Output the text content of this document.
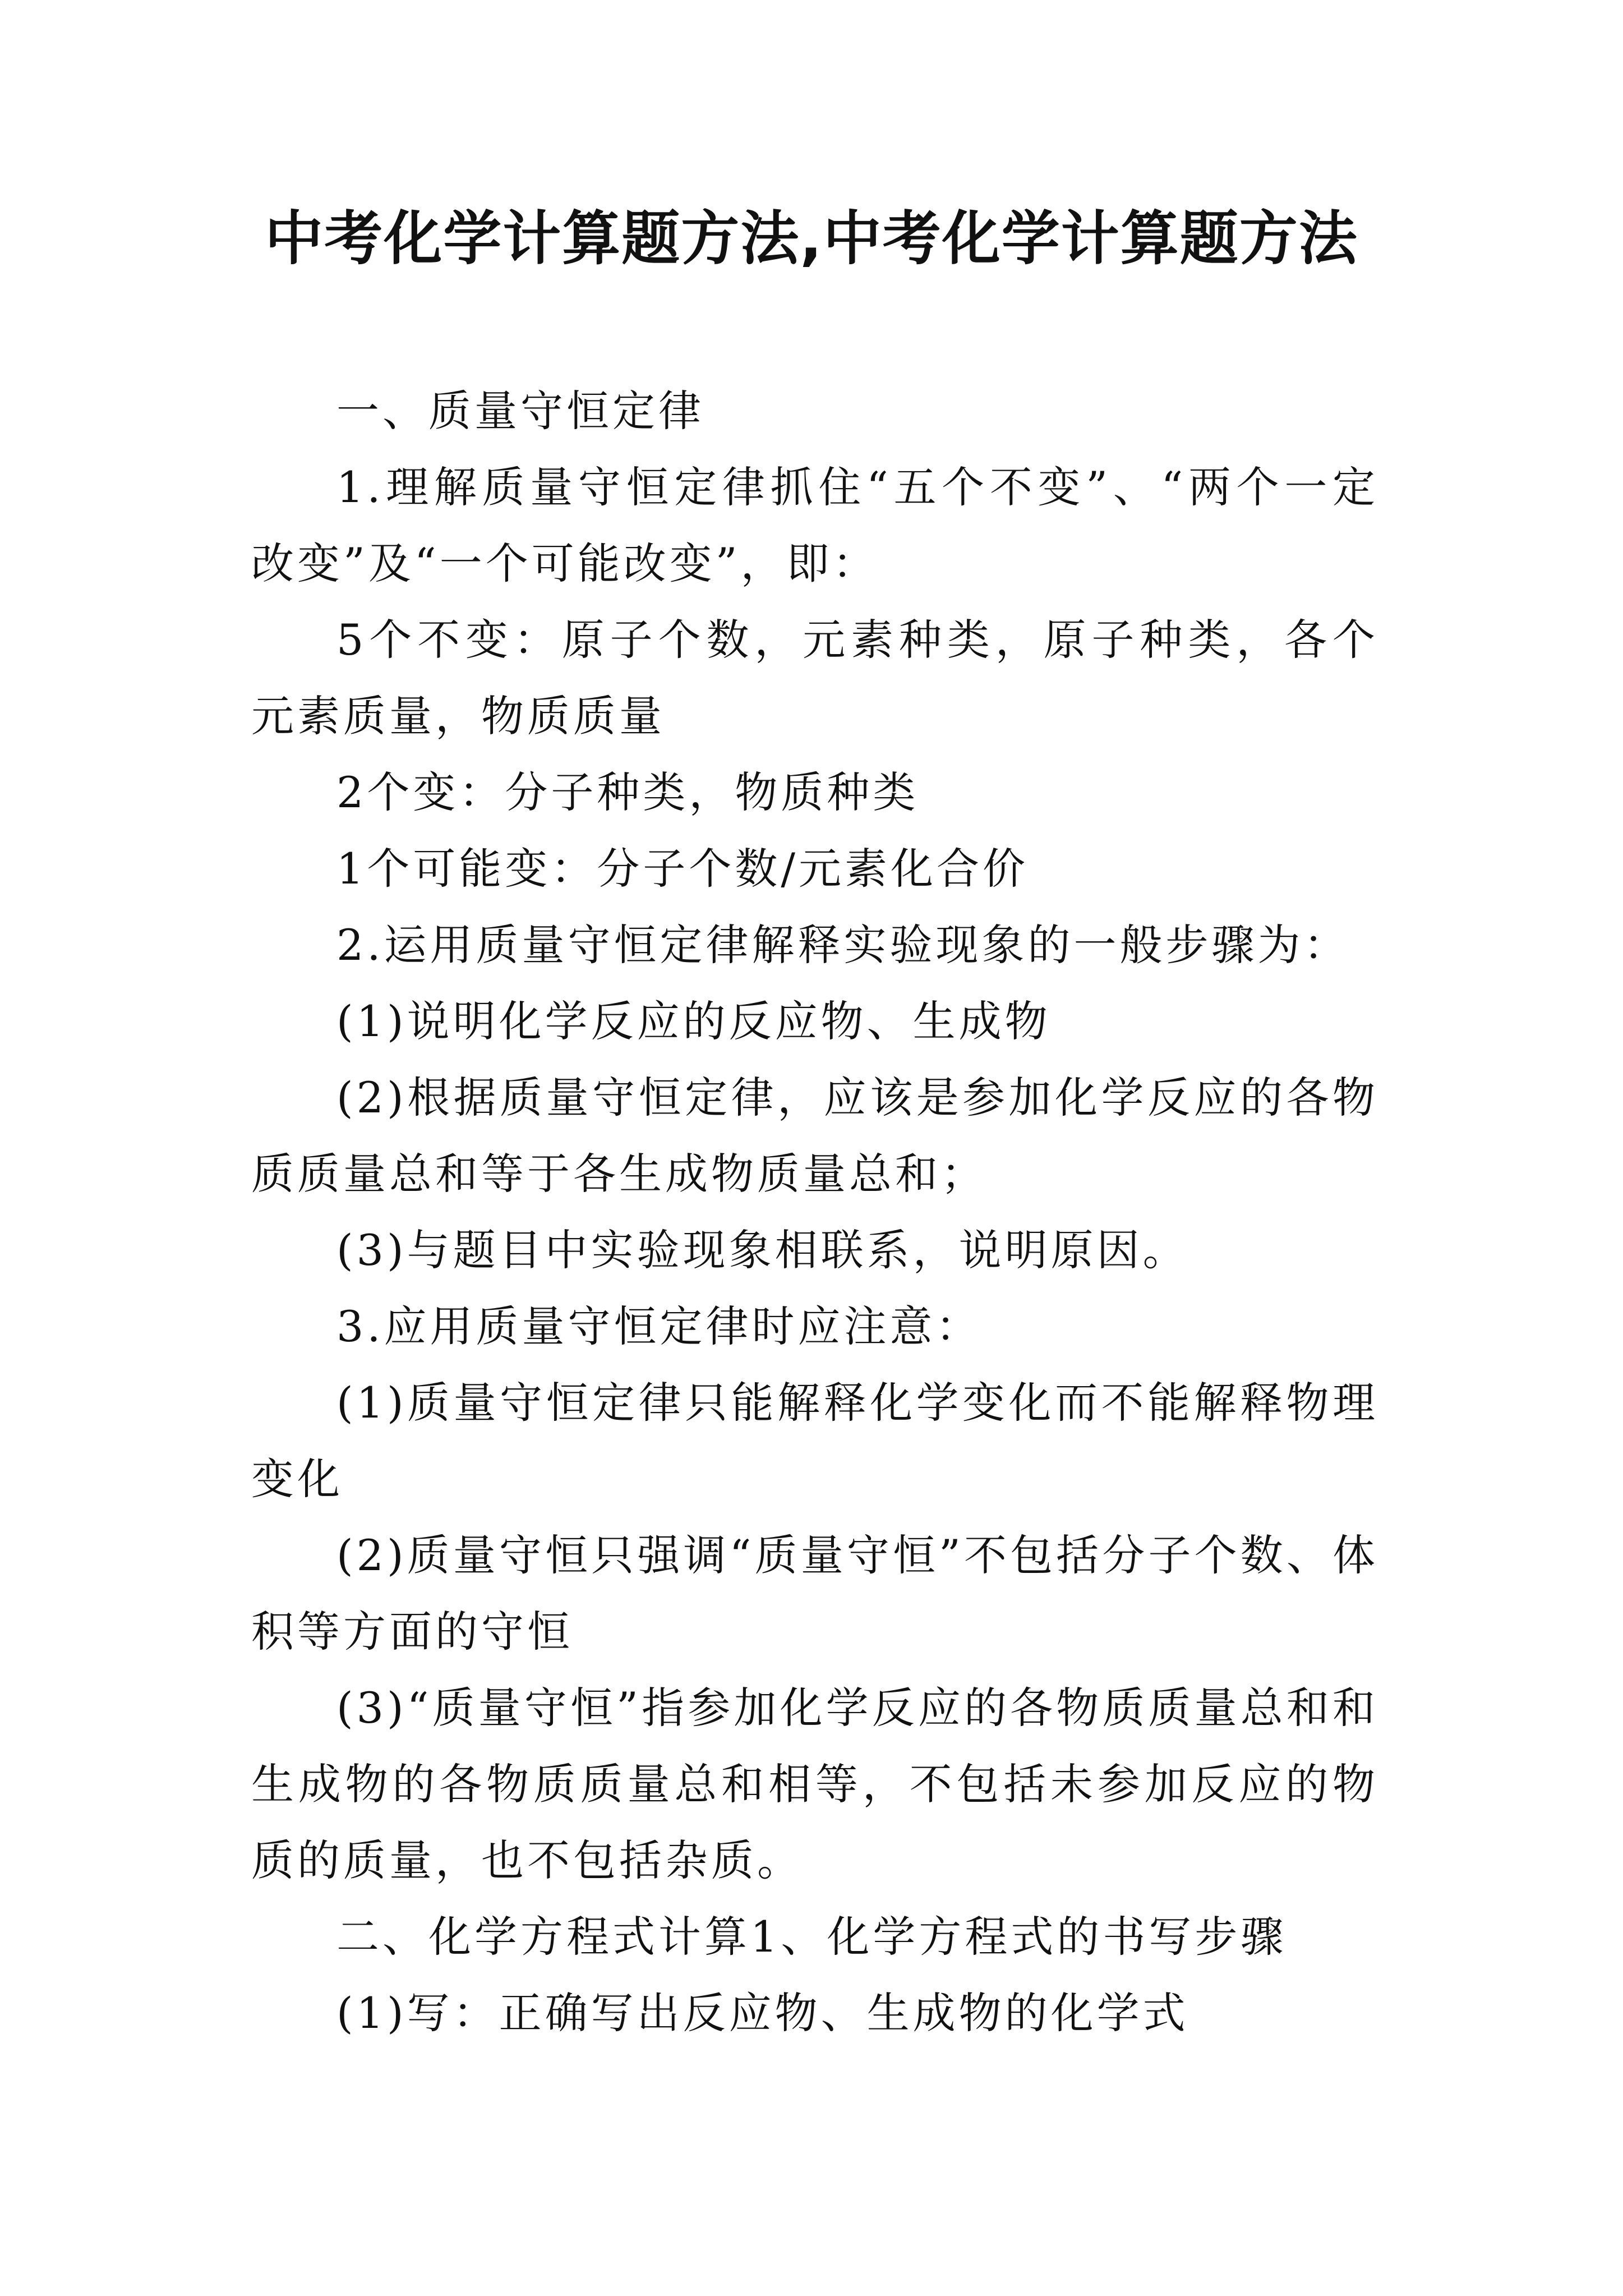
中考化学计算题方法,中考化学计算题方法

一、质量守恒定律

1.理解质量守恒定律抓住“五个不变”、“两个一定改变”及“一个可能改变”，即：

5个不变：原子个数，元素种类，原子种类，各个元素质量，物质质量

2个变：分子种类，物质种类

1个可能变：分子个数/元素化合价

2.运用质量守恒定律解释实验现象的一般步骤为：

(1)说明化学反应的反应物、生成物

(2)根据质量守恒定律，应该是参加化学反应的各物质质量总和等于各生成物质量总和；

(3)与题目中实验现象相联系，说明原因。

3.应用质量守恒定律时应注意：

(1)质量守恒定律只能解释化学变化而不能解释物理变化

(2)质量守恒只强调“质量守恒”不包括分子个数、体积等方面的守恒

(3)“质量守恒”指参加化学反应的各物质质量总和和生成物的各物质质量总和相等，不包括未参加反应的物质的质量，也不包括杂质。

二、化学方程式计算1、化学方程式的书写步骤

(1)写：正确写出反应物、生成物的化学式
